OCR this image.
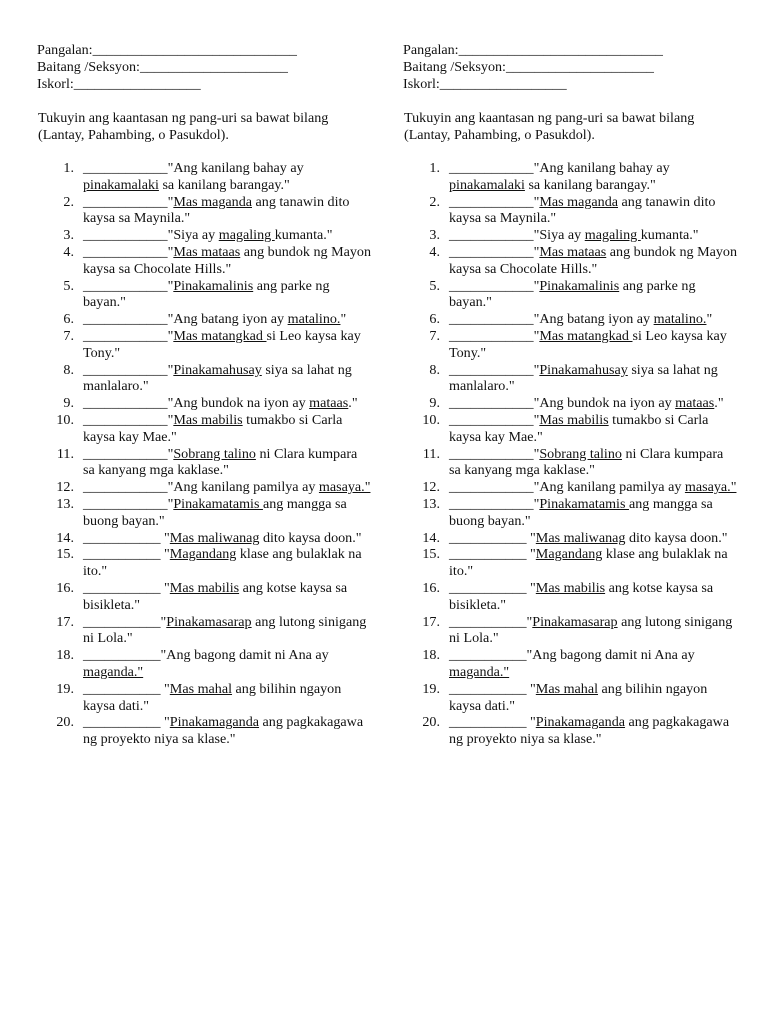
Pangalan:_____________________________
Baitang /Seksyon:_____________________
Iskorl:__________________
Tukuyin ang kaantasan ng pang-uri sa bawat bilang (Lantay, Pahambing, o Pasukdol).
1. ____________"Ang kanilang bahay ay pinakamalaki sa kanilang barangay."
2. ____________"Mas maganda ang tanawin dito kaysa sa Maynila."
3. ____________"Siya ay magaling kumanta."
4. ____________"Mas mataas ang bundok ng Mayon kaysa sa Chocolate Hills."
5. ____________"Pinakamalinis ang parke ng bayan."
6. ____________"Ang batang iyon ay matalino."
7. ____________"Mas matangkad si Leo kaysa kay Tony."
8. ____________"Pinakamahusay siya sa lahat ng manlalaro."
9. ____________"Ang bundok na iyon ay mataas."
10. ____________"Mas mabilis tumakbo si Carla kaysa kay Mae."
11. ____________"Sobrang talino ni Clara kumpara sa kanyang mga kaklase."
12. ____________"Ang kanilang pamilya ay masaya."
13. ____________"Pinakamatamis ang mangga sa buong bayan."
14. ___________ "Mas maliwanag dito kaysa doon."
15. ___________ "Magandang klase ang bulaklak na ito."
16. ___________ "Mas mabilis ang kotse kaysa sa bisikleta."
17. ___________"Pinakamasarap ang lutong sinigang ni Lola."
18. ___________"Ang bagong damit ni Ana ay maganda."
19. ___________ "Mas mahal ang bilihin ngayon kaysa dati."
20. ___________ "Pinakamaganda ang pagkakagawa ng proyekto niya sa klase."
Pangalan:_____________________________
Baitang /Seksyon:_____________________
Iskorl:__________________
Tukuyin ang kaantasan ng pang-uri sa bawat bilang (Lantay, Pahambing, o Pasukdol).
1. ____________"Ang kanilang bahay ay pinakamalaki sa kanilang barangay."
2. ____________"Mas maganda ang tanawin dito kaysa sa Maynila."
3. ____________"Siya ay magaling kumanta."
4. ____________"Mas mataas ang bundok ng Mayon kaysa sa Chocolate Hills."
5. ____________"Pinakamalinis ang parke ng bayan."
6. ____________"Ang batang iyon ay matalino."
7. ____________"Mas matangkad si Leo kaysa kay Tony."
8. ____________"Pinakamahusay siya sa lahat ng manlalaro."
9. ____________"Ang bundok na iyon ay mataas."
10. ____________"Mas mabilis tumakbo si Carla kaysa kay Mae."
11. ____________"Sobrang talino ni Clara kumpara sa kanyang mga kaklase."
12. ____________"Ang kanilang pamilya ay masaya."
13. ____________"Pinakamatamis ang mangga sa buong bayan."
14. ___________ "Mas maliwanag dito kaysa doon."
15. ___________ "Magandang klase ang bulaklak na ito."
16. ___________ "Mas mabilis ang kotse kaysa sa bisikleta."
17. ___________"Pinakamasarap ang lutong sinigang ni Lola."
18. ___________"Ang bagong damit ni Ana ay maganda."
19. ___________ "Mas mahal ang bilihin ngayon kaysa dati."
20. ___________ "Pinakamaganda ang pagkakagawa ng proyekto niya sa klase."
